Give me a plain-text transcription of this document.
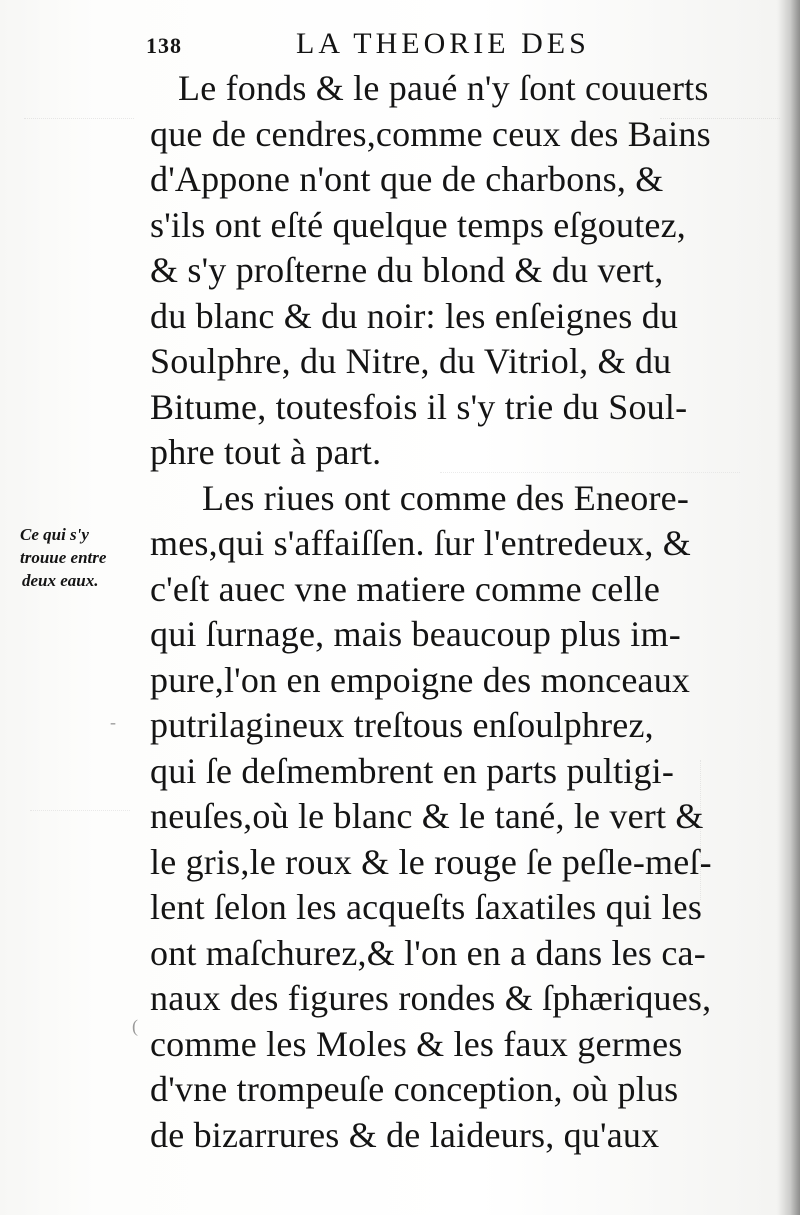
-
(
138	LA THEORIE DES
Le fonds & le paué n'y ſont couuerts
que de cendres,comme ceux des Bains
d'Appone n'ont que de charbons, &
s'ils ont eſté quelque temps eſgoutez,
& s'y proſterne du blond & du vert,
du blanc & du noir: les enſeignes du
Soulphre, du Nitre, du Vitriol, & du
Bitume, toutesfois il s'y trie du Soul-
phre tout à part.
Les riues ont comme des Eneore-
mes,qui s'affaiſſen. ſur l'entredeux, &
c'eſt auec vne matiere comme celle
qui ſurnage, mais beaucoup plus im-
pure,l'on en empoigne des monceaux
putrilagineux treſtous enſoulphrez,
qui ſe deſmembrent en parts pultigi-
neuſes,où le blanc & le tané, le vert &
le gris,le roux & le rouge ſe peſle-meſ-
lent ſelon les acqueſts ſaxatiles qui les
ont maſchurez,& l'on en a dans les ca-
naux des figures rondes & ſphæriques,
comme les Moles & les faux germes
d'vne trompeuſe conception, où plus
de bizarrures & de laideurs, qu'aux
Ce qui s'y
trouue entre
deux eaux.
